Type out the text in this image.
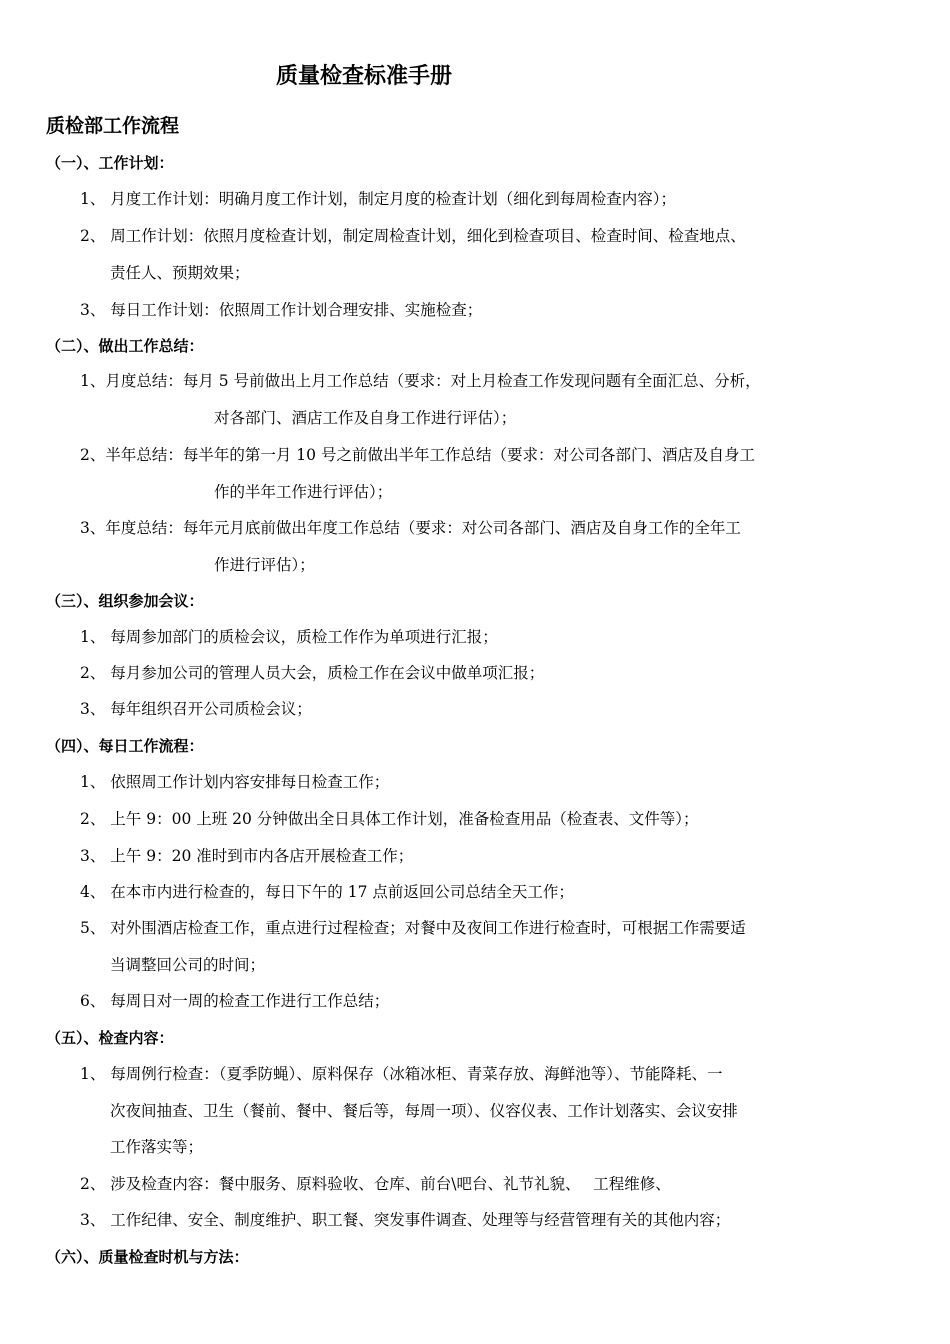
质量检查标准手册
质检部工作流程
（一）、工作计划：
1、 月度工作计划：明确月度工作计划，制定月度的检查计划（细化到每周检查内容）；
2、 周工作计划：依照月度检查计划，制定周检查计划，细化到检查项目、检查时间、检查地点、
责任人、预期效果；
3、 每日工作计划：依照周工作计划合理安排、实施检查；
（二）、做出工作总结：
1、月度总结：每月 5 号前做出上月工作总结（要求：对上月检查工作发现问题有全面汇总、分析，
对各部门、酒店工作及自身工作进行评估）；
2、半年总结：每半年的第一月 10 号之前做出半年工作总结（要求：对公司各部门、酒店及自身工
作的半年工作进行评估）；
3、年度总结：每年元月底前做出年度工作总结（要求：对公司各部门、酒店及自身工作的全年工
作进行评估）；
（三）、组织参加会议：
1、 每周参加部门的质检会议，质检工作作为单项进行汇报；
2、 每月参加公司的管理人员大会，质检工作在会议中做单项汇报；
3、 每年组织召开公司质检会议；
（四）、每日工作流程：
1、 依照周工作计划内容安排每日检查工作；
2、 上午 9：00 上班 20 分钟做出全日具体工作计划，准备检查用品（检查表、文件等）；
3、 上午 9：20 准时到市内各店开展检查工作；
4、 在本市内进行检查的，每日下午的 17 点前返回公司总结全天工作；
5、 对外围酒店检查工作，重点进行过程检查；对餐中及夜间工作进行检查时，可根据工作需要适
当调整回公司的时间；
6、 每周日对一周的检查工作进行工作总结；
（五）、检查内容：
1、 每周例行检查：（夏季防蝇）、原料保存（冰箱冰柜、青菜存放、海鲜池等）、节能降耗、一
次夜间抽查、卫生（餐前、餐中、餐后等，每周一项）、仪容仪表、工作计划落实、会议安排
工作落实等；
2、 涉及检查内容：餐中服务、原料验收、仓库、前台\吧台、礼节礼貌、　 工程维修、
3、 工作纪律、安全、制度维护、职工餐、突发事件调查、处理等与经营管理有关的其他内容；
（六）、质量检查时机与方法：
